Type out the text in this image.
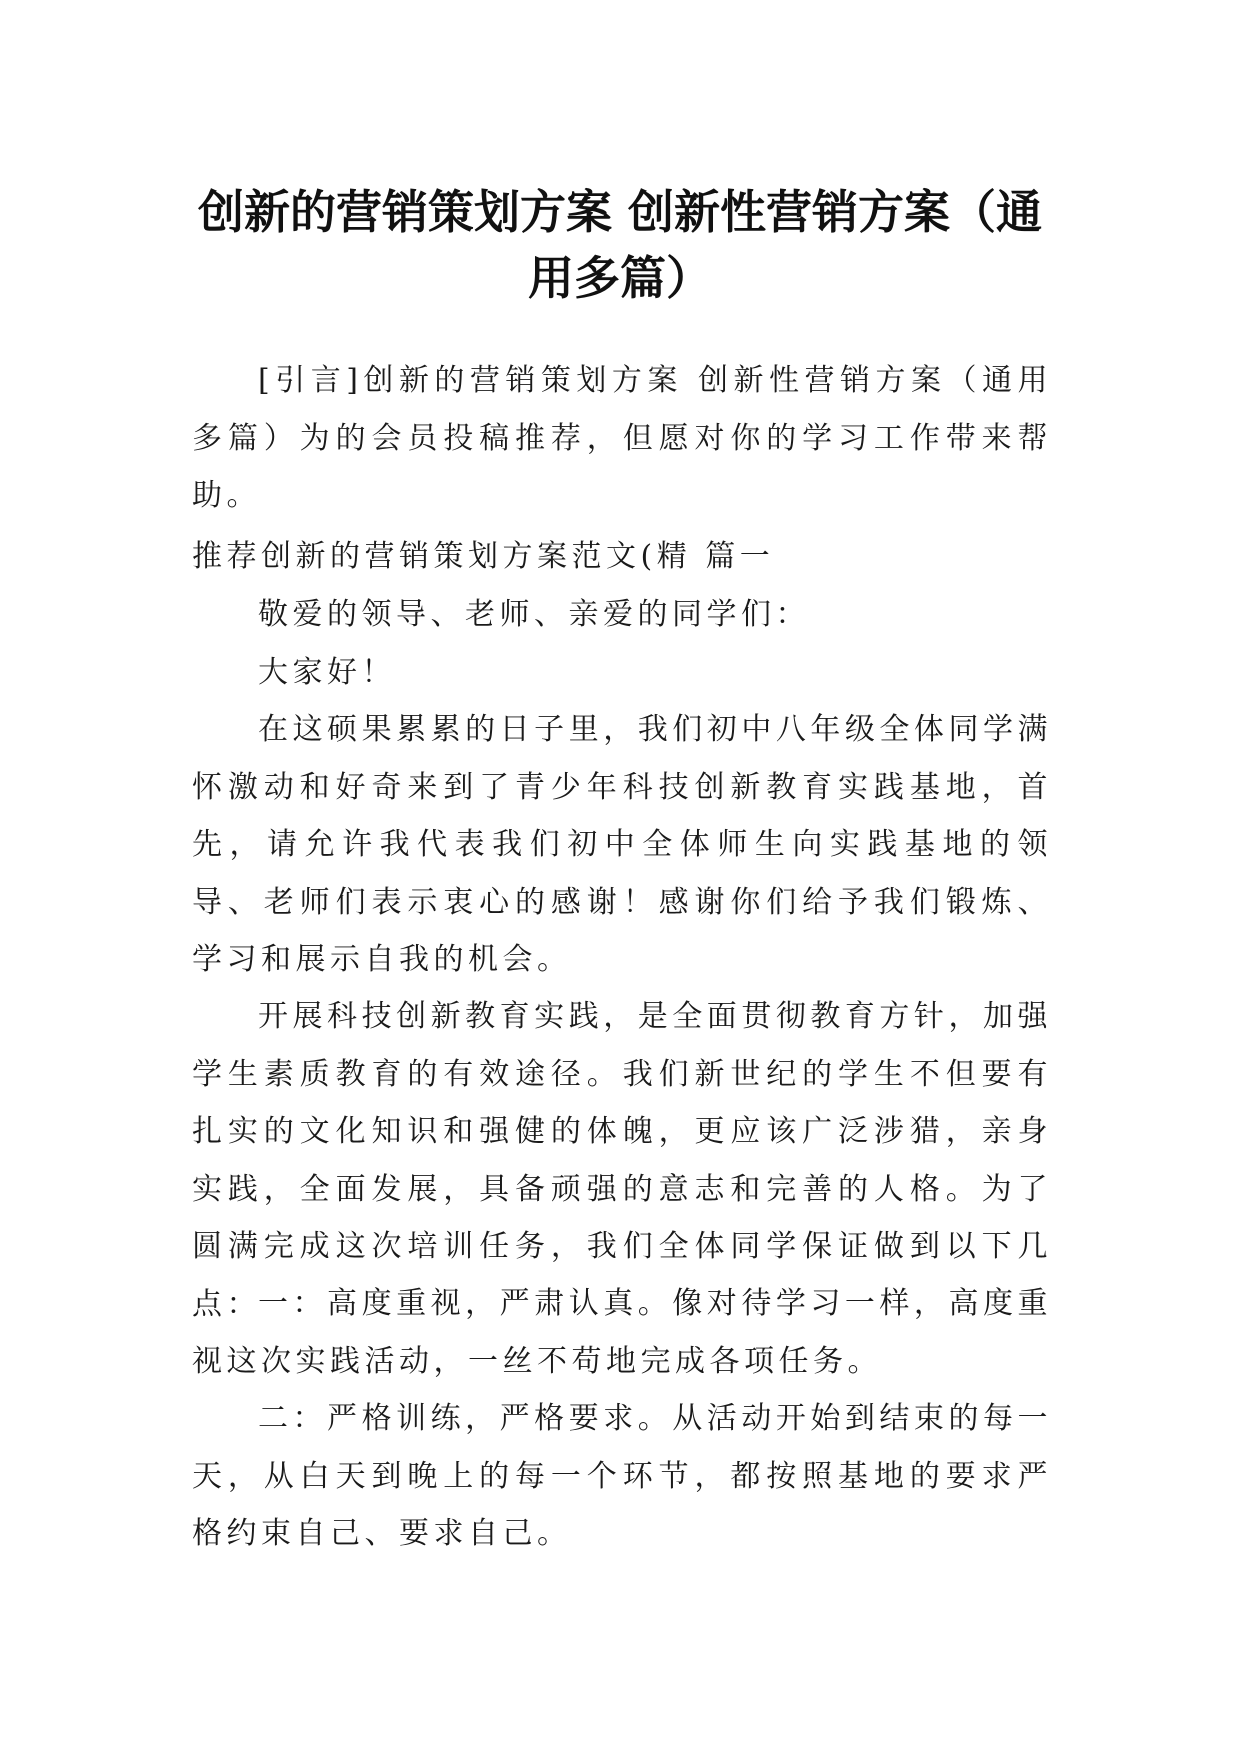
创新的营销策划方案 创新性营销方案（通用多篇）

[引言]创新的营销策划方案 创新性营销方案（通用多篇）为的会员投稿推荐，但愿对你的学习工作带来帮助。

推荐创新的营销策划方案范文(精 篇一

敬爱的领导、老师、亲爱的同学们：

大家好！

在这硕果累累的日子里，我们初中八年级全体同学满怀激动和好奇来到了青少年科技创新教育实践基地，首先，请允许我代表我们初中全体师生向实践基地的领导、老师们表示衷心的感谢！感谢你们给予我们锻炼、学习和展示自我的机会。

开展科技创新教育实践，是全面贯彻教育方针，加强学生素质教育的有效途径。我们新世纪的学生不但要有扎实的文化知识和强健的体魄，更应该广泛涉猎，亲身实践，全面发展，具备顽强的意志和完善的人格。为了圆满完成这次培训任务，我们全体同学保证做到以下几点：

一：高度重视，严肃认真。像对待学习一样，高度重视这次实践活动，一丝不苟地完成各项任务。

二：严格训练，严格要求。从活动开始到结束的每一天，从白天到晚上的每一个环节，都按照基地的要求严格约束自己、要求自己。
